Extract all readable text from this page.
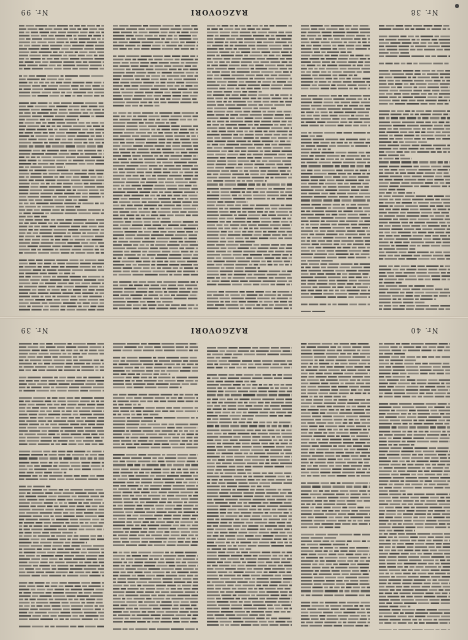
Nr. 99	RAZGOVORI	Nr. 38
Nr. 39	RAZGOVORI	Nr. 40
